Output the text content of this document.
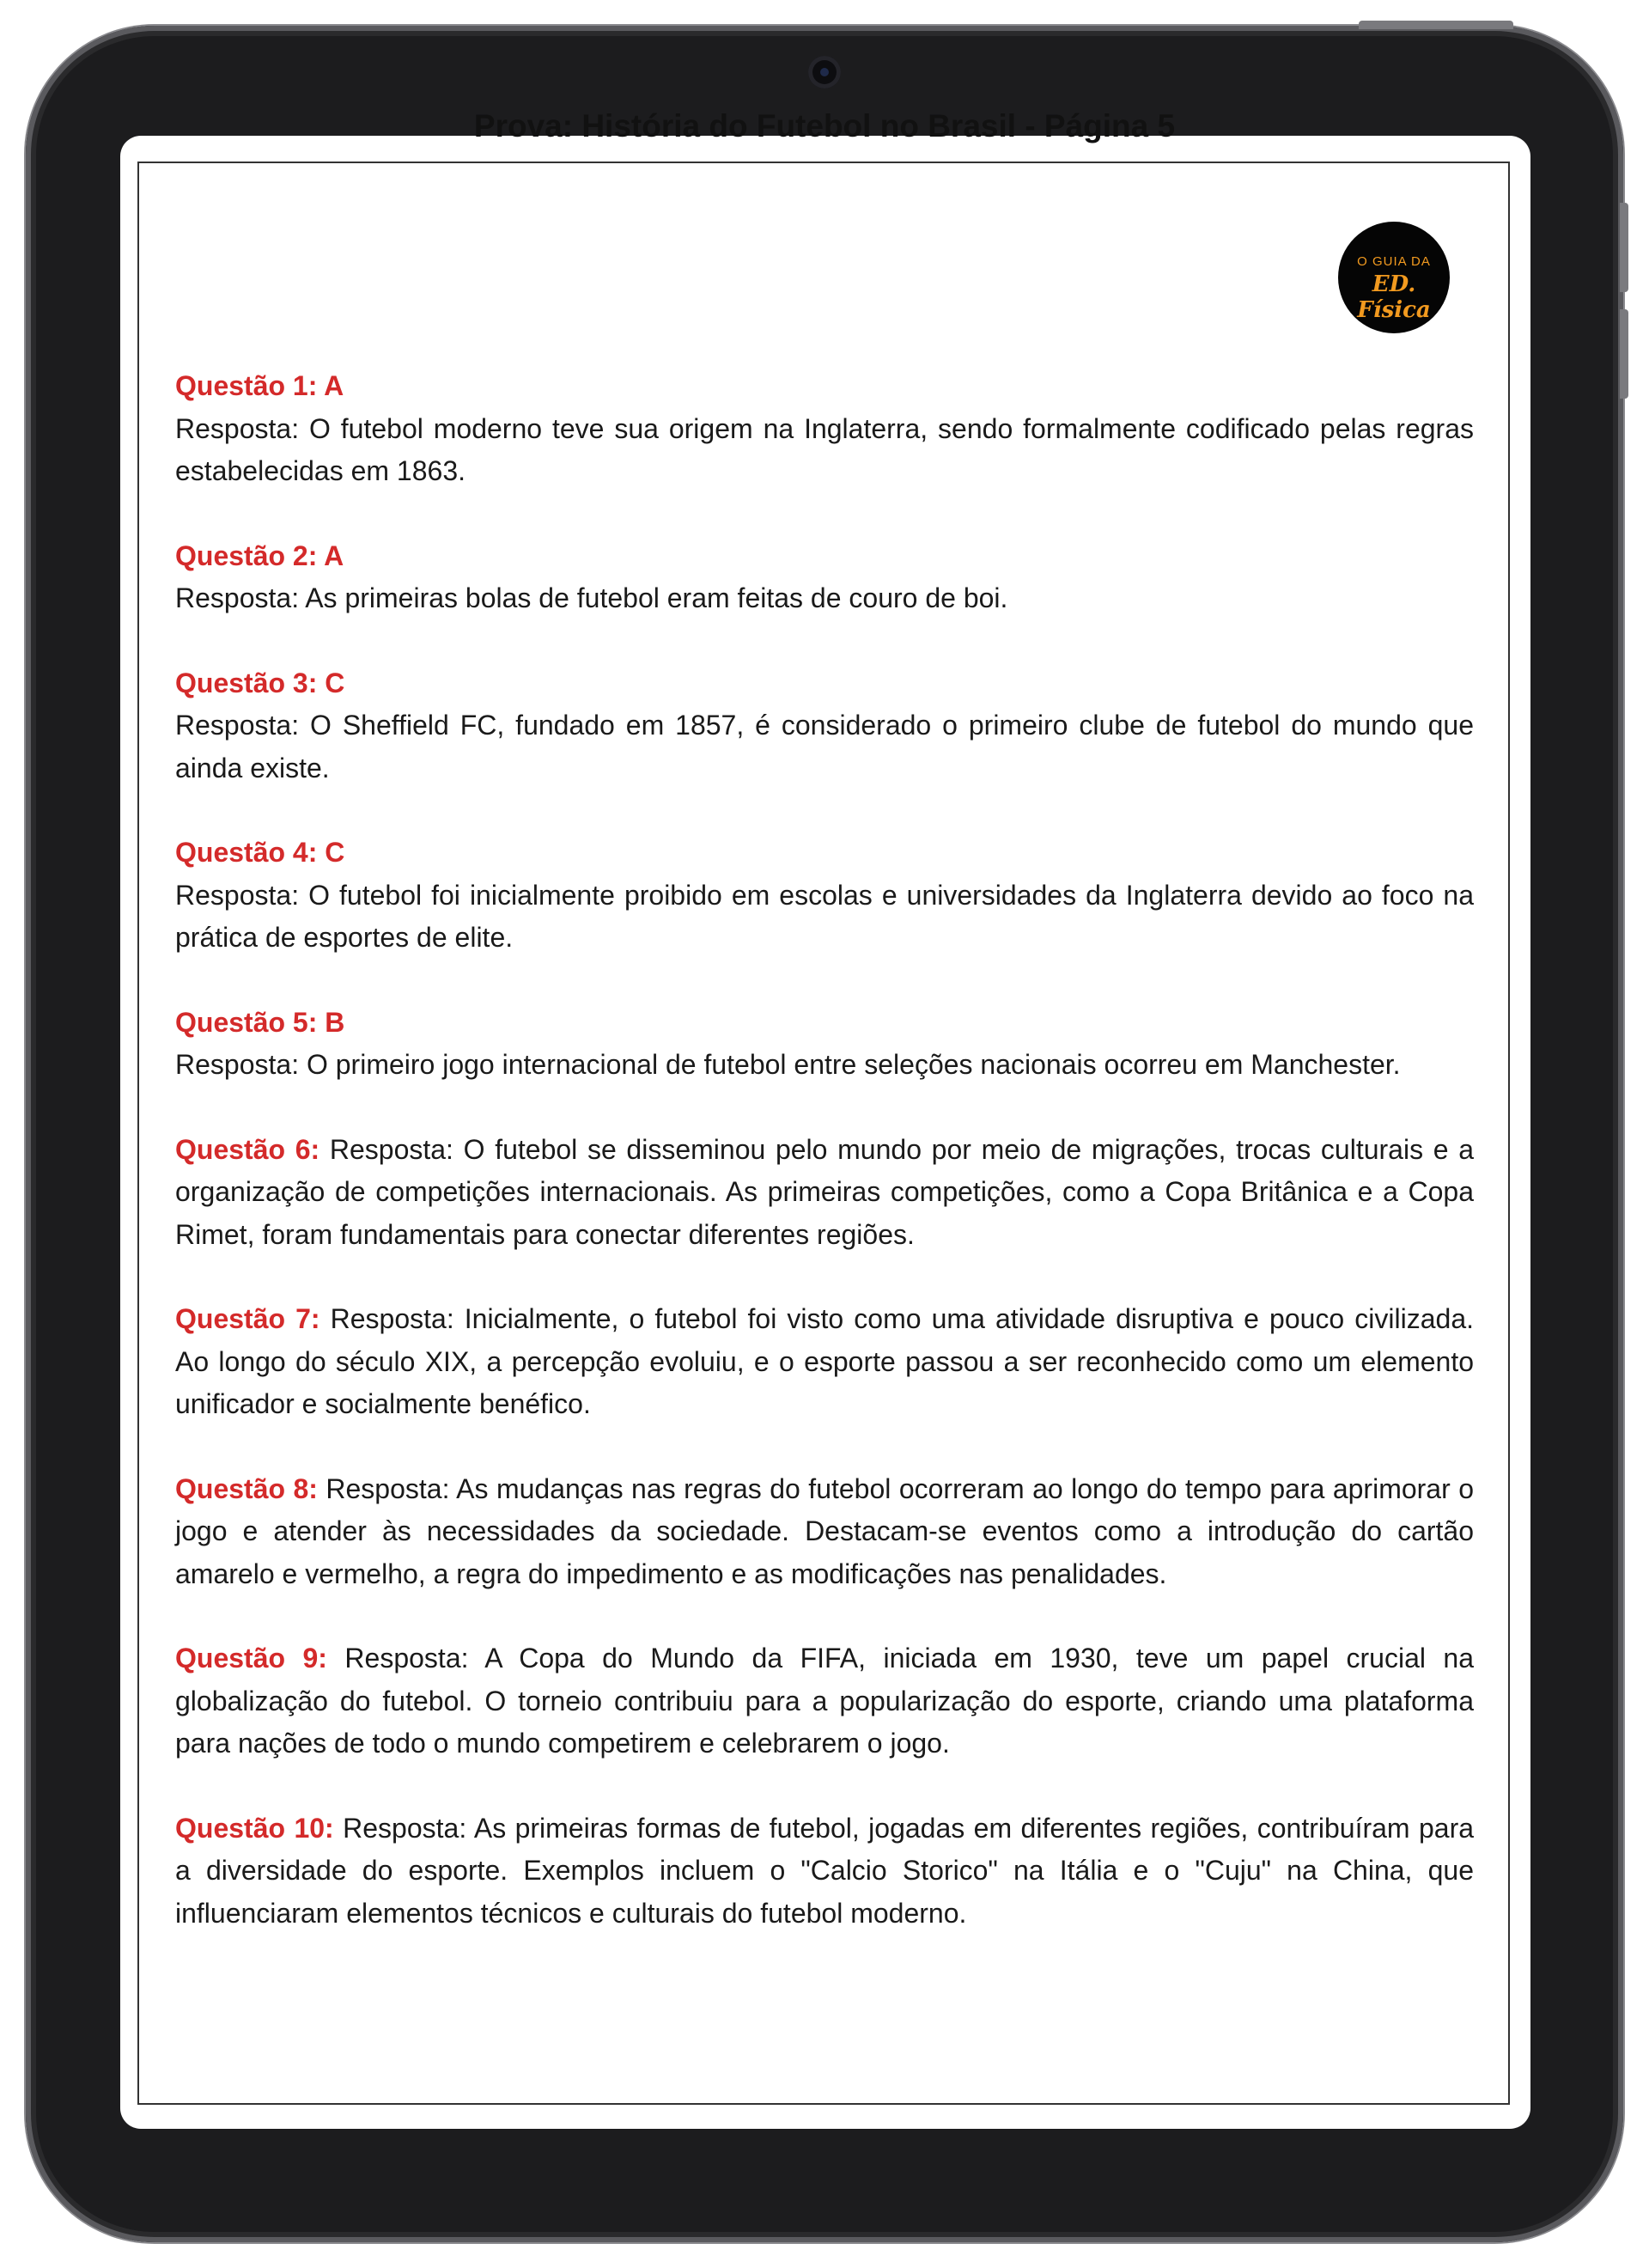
Prova: História do Futebol no Brasil - Página 5
O GUIA DA
ED. Física
Questão 1: A
Resposta: O futebol moderno teve sua origem na Inglaterra, sendo formalmente codificado pelas regras estabelecidas em 1863.
Questão 2: A
Resposta: As primeiras bolas de futebol eram feitas de couro de boi.
Questão 3: C
Resposta: O Sheffield FC, fundado em 1857, é considerado o primeiro clube de futebol do mundo que ainda existe.
Questão 4: C
Resposta: O futebol foi inicialmente proibido em escolas e universidades da Inglaterra devido ao foco na prática de esportes de elite.
Questão 5: B
Resposta: O primeiro jogo internacional de futebol entre seleções nacionais ocorreu em Manchester.
Questão 6: Resposta: O futebol se disseminou pelo mundo por meio de migrações, trocas culturais e a organização de competições internacionais. As primeiras competições, como a Copa Britânica e a Copa Rimet, foram fundamentais para conectar diferentes regiões.
Questão 7: Resposta: Inicialmente, o futebol foi visto como uma atividade disruptiva e pouco civilizada. Ao longo do século XIX, a percepção evoluiu, e o esporte passou a ser reconhecido como um elemento unificador e socialmente benéfico.
Questão 8: Resposta: As mudanças nas regras do futebol ocorreram ao longo do tempo para aprimorar o jogo e atender às necessidades da sociedade. Destacam-se eventos como a introdução do cartão amarelo e vermelho, a regra do impedimento e as modificações nas penalidades.
Questão 9: Resposta: A Copa do Mundo da FIFA, iniciada em 1930, teve um papel crucial na globalização do futebol. O torneio contribuiu para a popularização do esporte, criando uma plataforma para nações de todo o mundo competirem e celebrarem o jogo.
Questão 10: Resposta: As primeiras formas de futebol, jogadas em diferentes regiões, contribuíram para a diversidade do esporte. Exemplos incluem o "Calcio Storico" na Itália e o "Cuju" na China, que influenciaram elementos técnicos e culturais do futebol moderno.
